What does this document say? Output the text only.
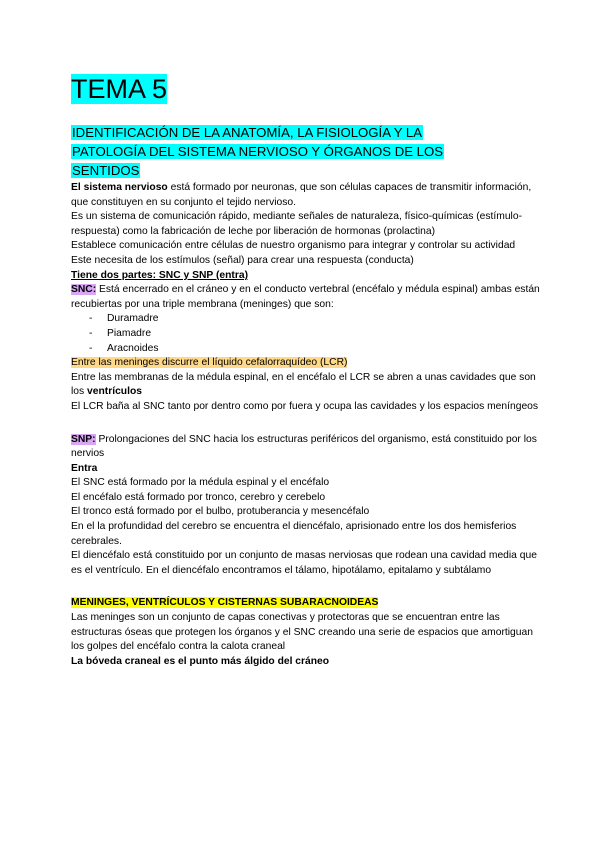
TEMA 5
IDENTIFICACIÓN DE LA ANATOMÍA, LA FISIOLOGÍA Y LA
PATOLOGÍA DEL SISTEMA NERVIOSO Y ÓRGANOS DE LOS
SENTIDOS

El sistema nervioso está formado por neuronas, que son células capaces de transmitir información, que constituyen en su conjunto el tejido nervioso.

Es un sistema de comunicación rápido, mediante señales de naturaleza, físico-químicas (estímulo-respuesta) como la fabricación de leche por liberación de hormonas (prolactina)

Establece comunicación entre células de nuestro organismo para integrar y controlar su actividad

Este necesita de los estímulos (señal) para crear una respuesta (conducta)

Tiene dos partes: SNC y SNP (entra)

SNC: Está encerrado en el cráneo y en el conducto vertebral (encéfalo y médula espinal) ambas están recubiertas por una triple membrana (meninges) que son:

- Duramadre
- Piamadre
- Aracnoides

Entre las meninges discurre el líquido cefalorraquídeo (LCR)

Entre las membranas de la médula espinal, en el encéfalo el LCR se abren a unas cavidades que son los ventrículos

El LCR baña al SNC tanto por dentro como por fuera y ocupa las cavidades y los espacios meníngeos

SNP: Prolongaciones del SNC hacia los estructuras periféricos del organismo, está constituido por los nervios

Entra

El SNC está formado por la médula espinal y el encéfalo

El encéfalo está formado por tronco, cerebro y cerebelo

El tronco está formado por el bulbo, protuberancia y mesencéfalo

En el la profundidad del cerebro se encuentra el diencéfalo, aprisionado entre los dos hemisferios cerebrales.

El diencéfalo está constituido por un conjunto de masas nerviosas que rodean una cavidad media que es el ventrículo. En el diencéfalo encontramos el tálamo, hipotálamo, epitalamo y subtálamo

MENINGES, VENTRÍCULOS Y CISTERNAS SUBARACNOIDEAS

Las meninges son un conjunto de capas conectivas y protectoras que se encuentran entre las estructuras óseas que protegen los órganos y el SNC creando una serie de espacios que amortiguan los golpes del encéfalo contra la calota craneal

La bóveda craneal es el punto más álgido del cráneo
